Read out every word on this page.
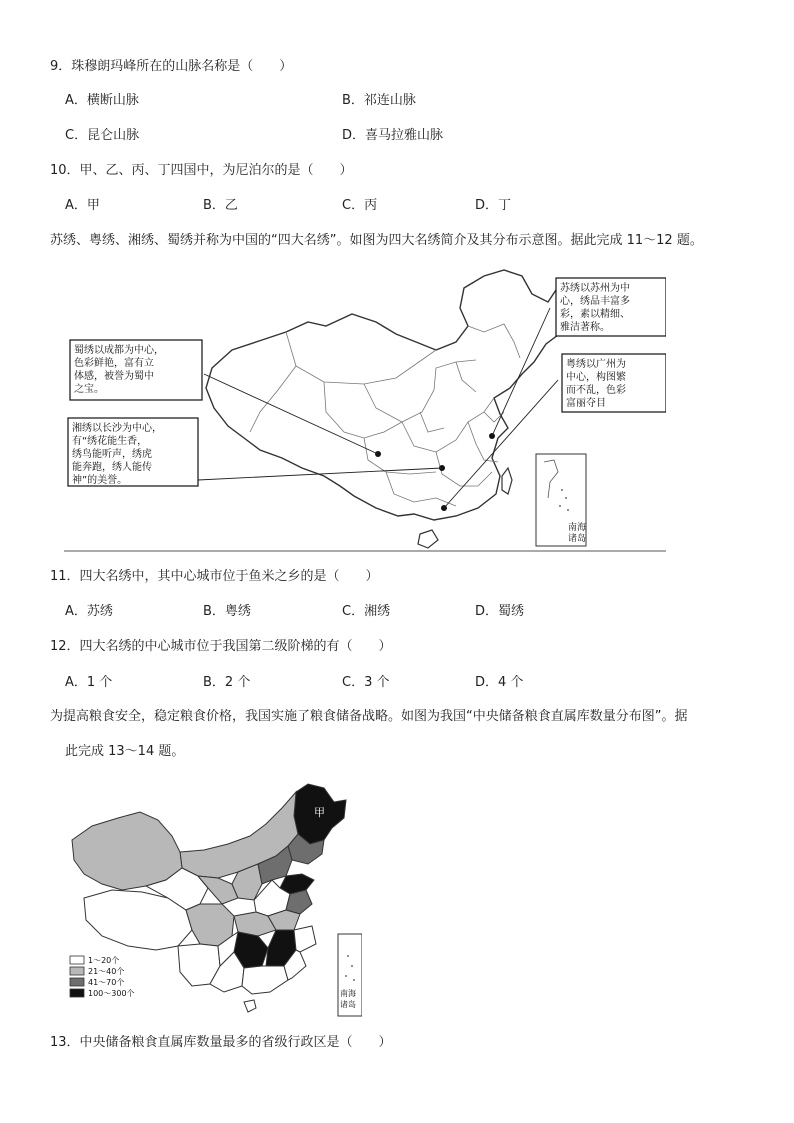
9．珠穆朗玛峰所在的山脉名称是（　　）
A．横断山脉	B．祁连山脉
C．昆仑山脉	D．喜马拉雅山脉
10．甲、乙、丙、丁四国中，为尼泊尔的是（　　）
A．甲	B．乙	C．丙	D．丁
苏绣、粤绣、湘绣、蜀绣并称为中国的“四大名绣”。如图为四大名绣简介及其分布示意图。据此完成 11～12 题。
蜀绣以成都为中心，
色彩鲜艳，富有立
体感，被誉为蜀中
之宝。
湘绣以长沙为中心，
有“绣花能生香，
绣鸟能听声，绣虎
能奔跑，绣人能传
神”的美誉。
苏绣以苏州为中
心，绣品丰富多
彩，素以精细、
雅洁著称。
粤绣以广州为
中心，构图繁
而不乱，色彩
富丽夺目
南海
诸岛
11．四大名绣中，其中心城市位于鱼米之乡的是（　　）
A．苏绣	B．粤绣	C．湘绣	D．蜀绣
12．四大名绣的中心城市位于我国第二级阶梯的有（　　）
A．1 个	B．2 个	C．3 个	D．4 个
为提高粮食安全，稳定粮食价格，我国实施了粮食储备战略。如图为我国“中央储备粮食直属库数量分布图”。据
此完成 13～14 题。
甲
南海
诸岛
1～20个
21～40个
41～70个
100～300个
13．中央储备粮食直属库数量最多的省级行政区是（　　）
